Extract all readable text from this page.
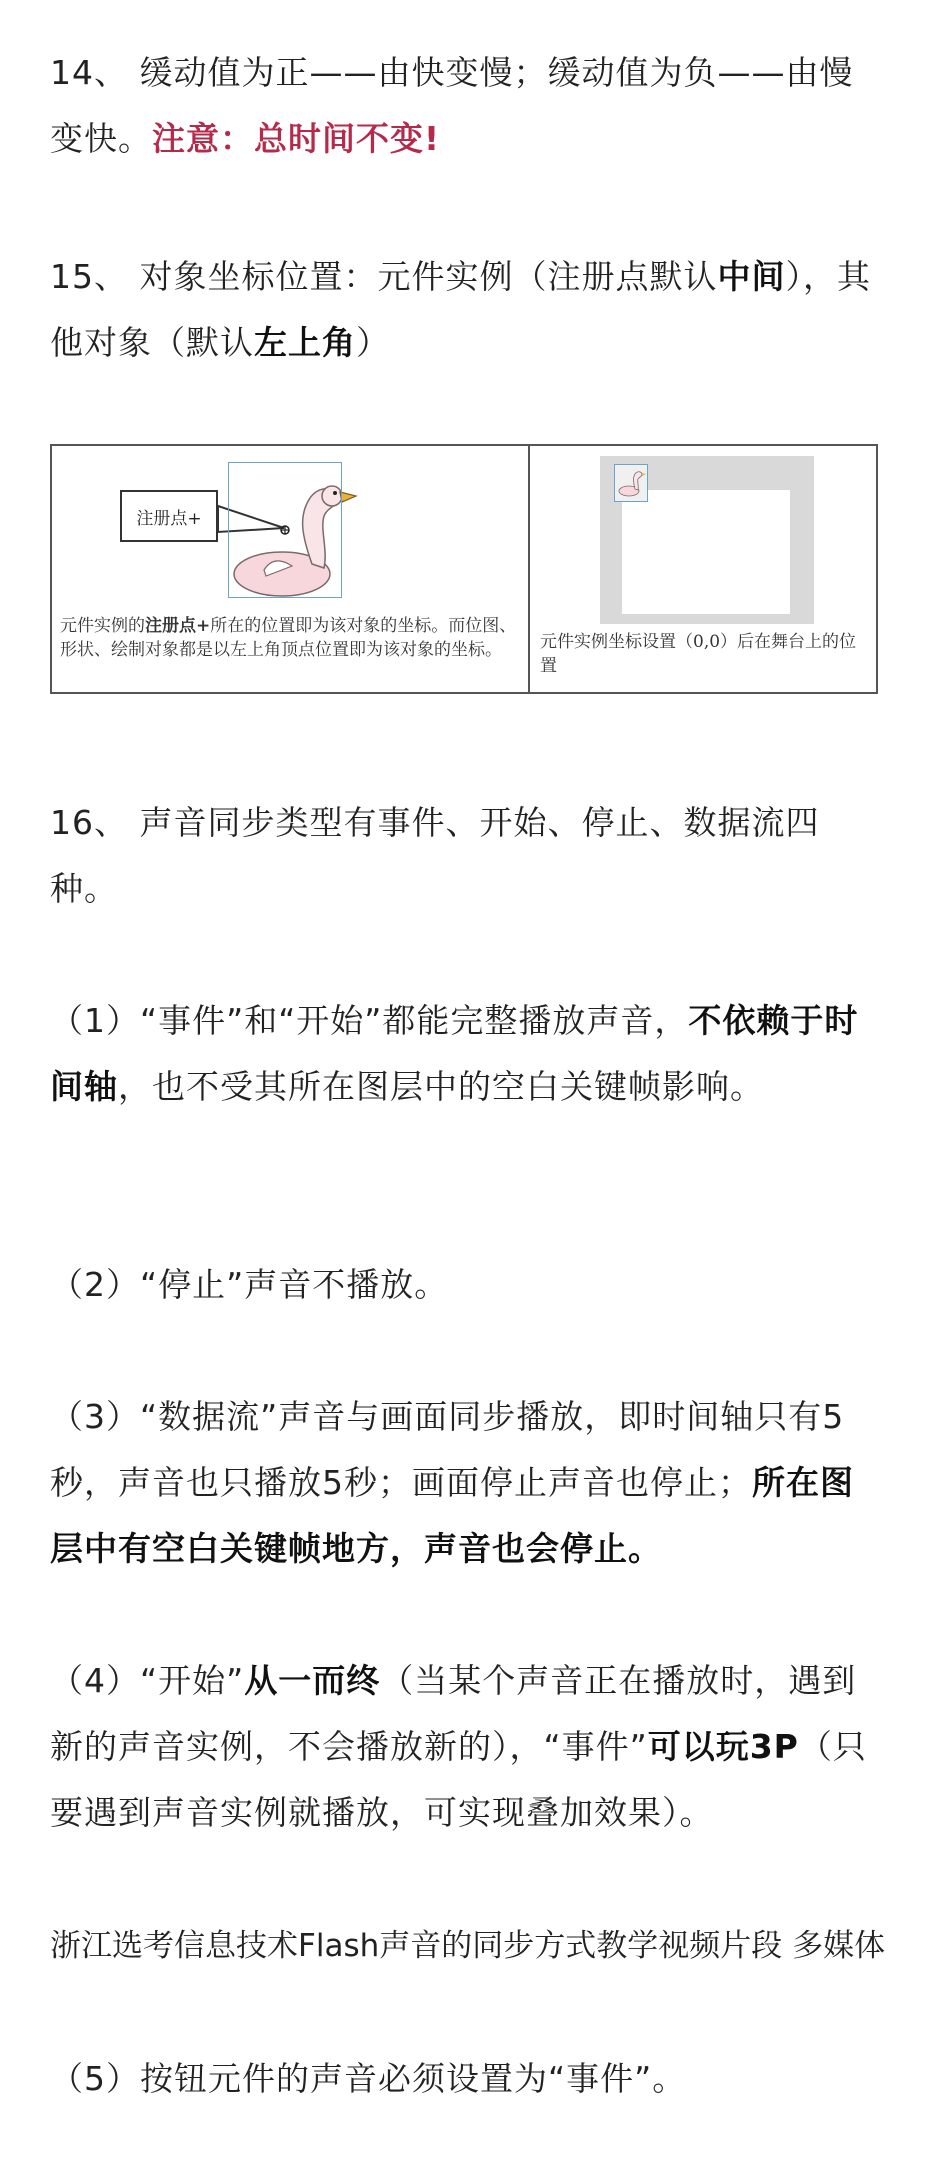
14、 缓动值为正——由快变慢；缓动值为负——由慢变快。注意：总时间不变!

15、 对象坐标位置：元件实例（注册点默认中间），其他对象（默认左上角）

注册点+
元件实例的注册点+所在的位置即为该对象的坐标。而位图、形状、绘制对象都是以左上角顶点位置即为该对象的坐标。	元件实例坐标设置（0,0）后在舞台上的位置

16、 声音同步类型有事件、开始、停止、数据流四种。

（1）“事件”和“开始”都能完整播放声音，不依赖于时间轴，也不受其所在图层中的空白关键帧影响。

（2）“停止”声音不播放。

（3）“数据流”声音与画面同步播放，即时间轴只有5秒，声音也只播放5秒；画面停止声音也停止；所在图层中有空白关键帧地方，声音也会停止。

（4）“开始”从一而终（当某个声音正在播放时，遇到新的声音实例，不会播放新的），“事件”可以玩3P（只要遇到声音实例就播放，可实现叠加效果）。

浙江选考信息技术Flash声音的同步方式教学视频片段 多媒体

（5）按钮元件的声音必须设置为“事件”。
